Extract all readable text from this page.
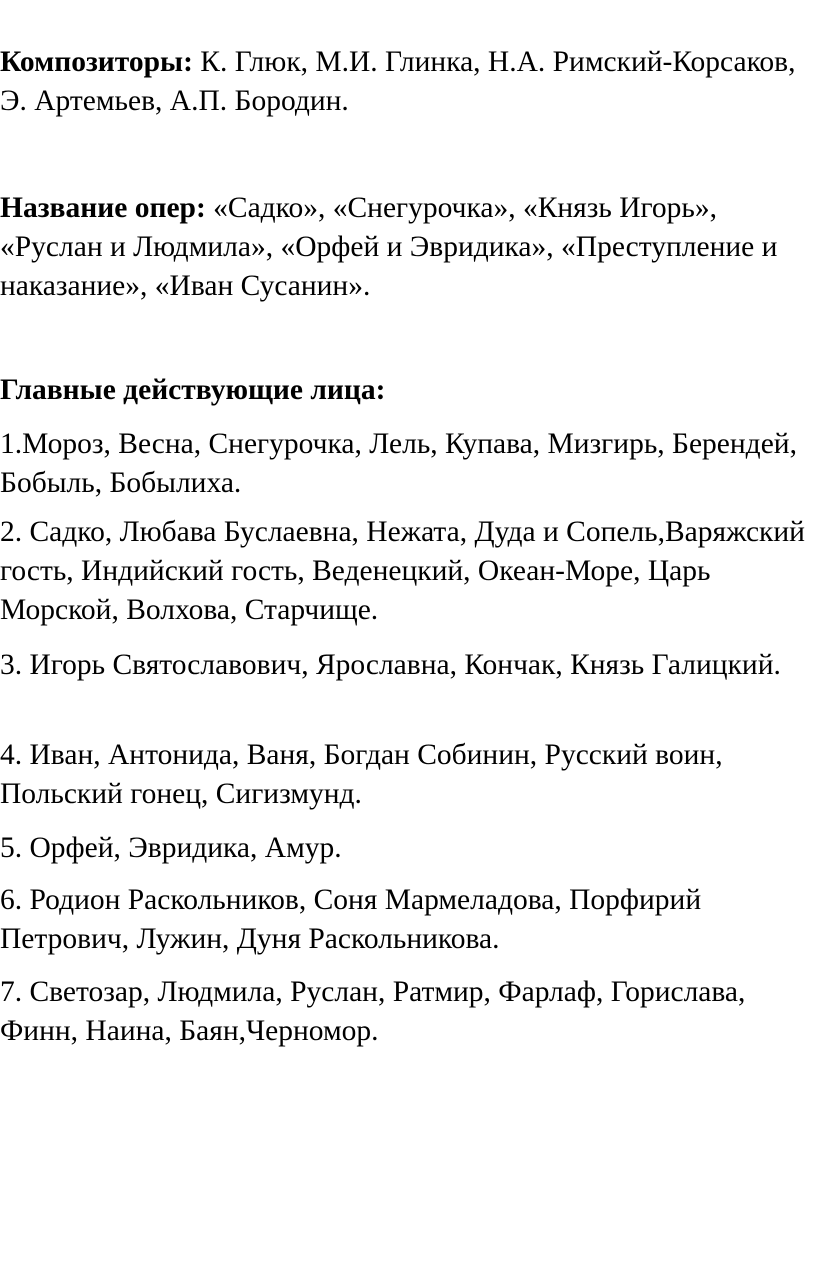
Композиторы: К. Глюк, М.И. Глинка, Н.А. Римский-Корсаков, Э. Артемьев, А.П. Бородин.

Название опер: «Садко», «Снегурочка», «Князь Игорь», «Руслан и Людмила», «Орфей и Эвридика», «Преступление и наказание», «Иван Сусанин».

Главные действующие лица:

1.Мороз, Весна, Снегурочка, Лель, Купава, Мизгирь, Берендей, Бобыль, Бобылиха.

2. Садко, Любава Буслаевна, Нежата, Дуда и Сопель,Варяжский гость, Индийский гость, Веденецкий, Океан-Море, Царь Морской, Волхова, Старчище.

3. Игорь Святославович, Ярославна, Кончак, Князь Галицкий.

4. Иван, Антонида, Ваня, Богдан Собинин, Русский воин, Польский гонец, Сигизмунд.

5. Орфей, Эвридика, Амур.

6. Родион Раскольников, Соня Мармеладова, Порфирий Петрович, Лужин, Дуня Раскольникова.

7. Светозар, Людмила, Руслан, Ратмир, Фарлаф, Горислава, Финн, Наина, Баян,Черномор.
